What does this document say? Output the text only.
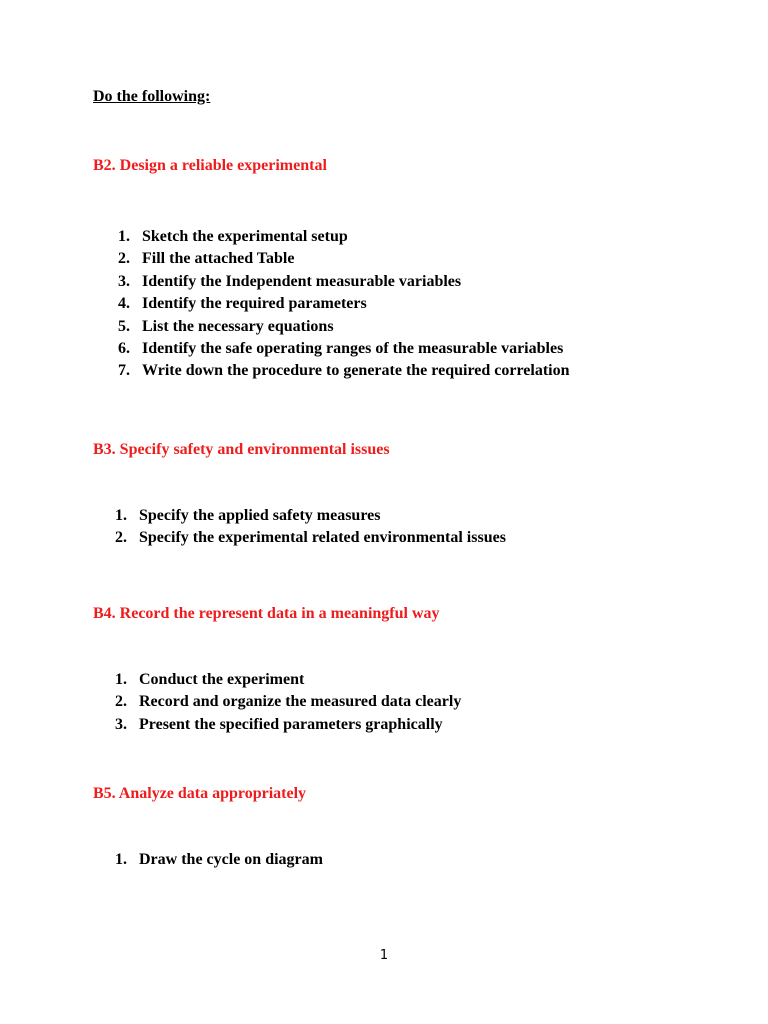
Do the following:
B2. Design a reliable experimental
1. Sketch the experimental setup
2. Fill the attached Table
3. Identify the Independent measurable variables
4. Identify the required parameters
5. List the necessary equations
6. Identify the safe operating ranges of the measurable variables
7. Write down the procedure to generate the required correlation
B3. Specify safety and environmental issues
1. Specify the applied safety measures
2. Specify the experimental related environmental issues
B4. Record the represent data in a meaningful way
1. Conduct the experiment
2. Record and organize the measured data clearly
3. Present the specified parameters graphically
B5. Analyze data appropriately
1. Draw the cycle on diagram
1
